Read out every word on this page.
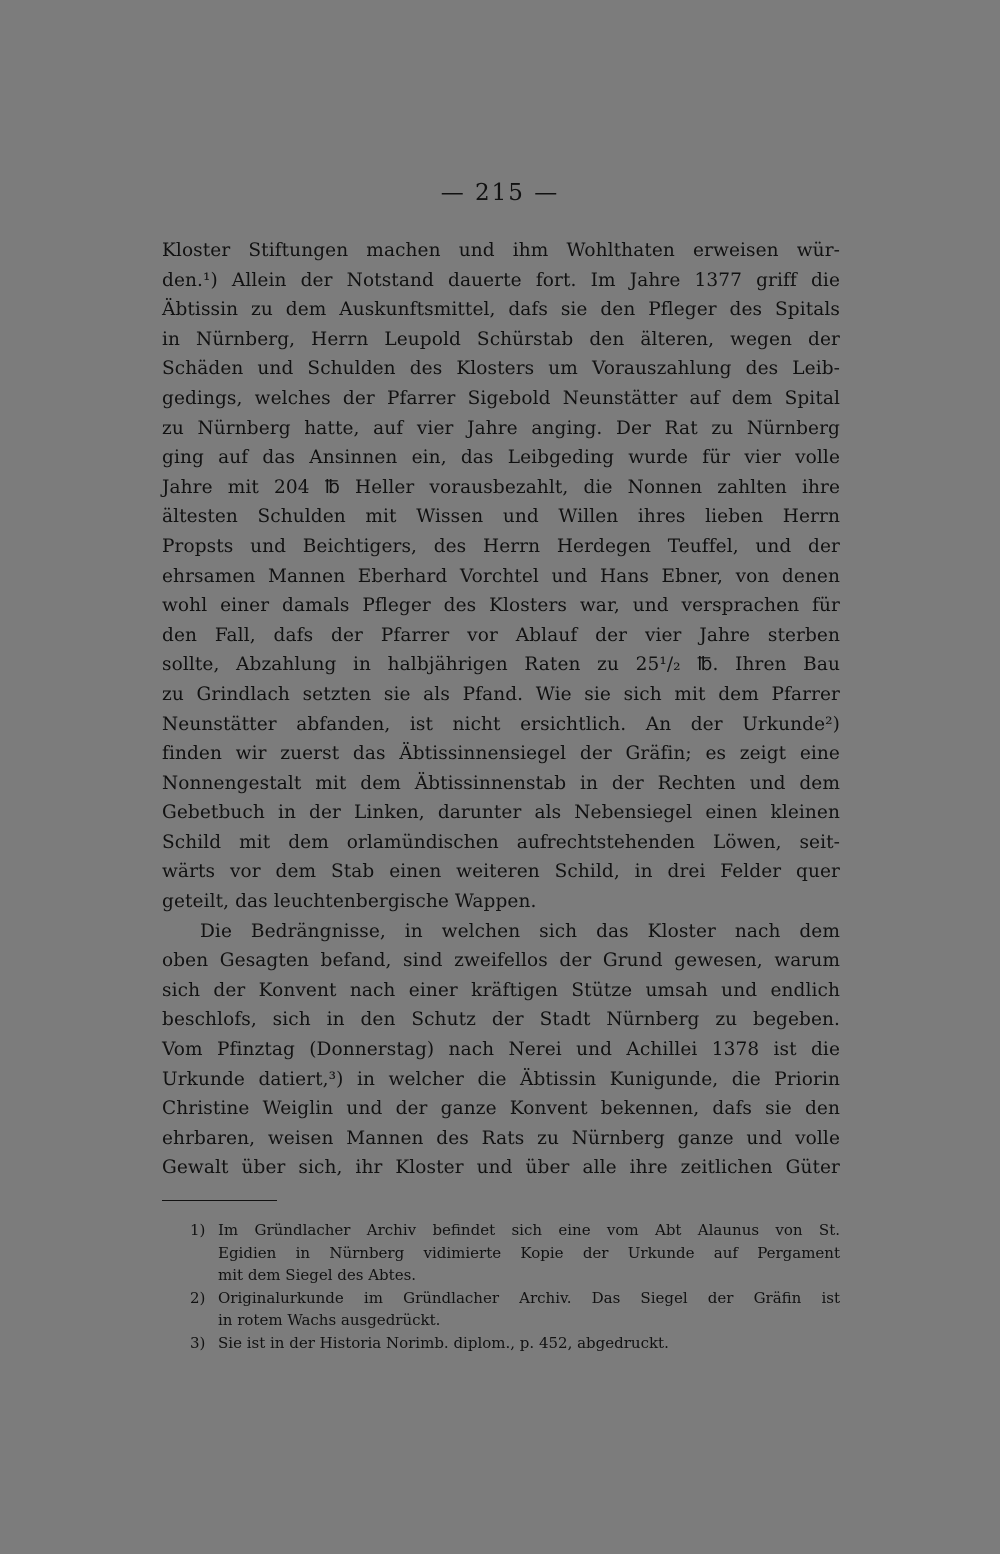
— 215 —
Kloster Stiftungen machen und ihm Wohlthaten erweisen wür-
den.¹) Allein der Notstand dauerte fort. Im Jahre 1377 griff die
Äbtissin zu dem Auskunftsmittel, dafs sie den Pfleger des Spitals
in Nürnberg, Herrn Leupold Schürstab den älteren, wegen der
Schäden und Schulden des Klosters um Vorauszahlung des Leib-
gedings, welches der Pfarrer Sigebold Neunstätter auf dem Spital
zu Nürnberg hatte, auf vier Jahre anging. Der Rat zu Nürnberg
ging auf das Ansinnen ein, das Leibgeding wurde für vier volle
Jahre mit 204 ℔ Heller vorausbezahlt, die Nonnen zahlten ihre
ältesten Schulden mit Wissen und Willen ihres lieben Herrn
Propsts und Beichtigers, des Herrn Herdegen Teuffel, und der
ehrsamen Mannen Eberhard Vorchtel und Hans Ebner, von denen
wohl einer damals Pfleger des Klosters war, und versprachen für
den Fall, dafs der Pfarrer vor Ablauf der vier Jahre sterben
sollte, Abzahlung in halbjährigen Raten zu 25¹/₂ ℔. Ihren Bau
zu Grindlach setzten sie als Pfand. Wie sie sich mit dem Pfarrer
Neunstätter abfanden, ist nicht ersichtlich. An der Urkunde²)
finden wir zuerst das Äbtissinnensiegel der Gräfin; es zeigt eine
Nonnengestalt mit dem Äbtissinnenstab in der Rechten und dem
Gebetbuch in der Linken, darunter als Nebensiegel einen kleinen
Schild mit dem orlamündischen aufrechtstehenden Löwen, seit-
wärts vor dem Stab einen weiteren Schild, in drei Felder quer
geteilt, das leuchtenbergische Wappen.
Die Bedrängnisse, in welchen sich das Kloster nach dem
oben Gesagten befand, sind zweifellos der Grund gewesen, warum
sich der Konvent nach einer kräftigen Stütze umsah und endlich
beschlofs, sich in den Schutz der Stadt Nürnberg zu begeben.
Vom Pfinztag (Donnerstag) nach Nerei und Achillei 1378 ist die
Urkunde datiert,³) in welcher die Äbtissin Kunigunde, die Priorin
Christine Weiglin und der ganze Konvent bekennen, dafs sie den
ehrbaren, weisen Mannen des Rats zu Nürnberg ganze und volle
Gewalt über sich, ihr Kloster und über alle ihre zeitlichen Güter
1) Im Gründlacher Archiv befindet sich eine vom Abt Alaunus von St.
Egidien in Nürnberg vidimierte Kopie der Urkunde auf Pergament
mit dem Siegel des Abtes.
2) Originalurkunde im Gründlacher Archiv. Das Siegel der Gräfin ist
in rotem Wachs ausgedrückt.
3) Sie ist in der Historia Norimb. diplom., p. 452, abgedruckt.
